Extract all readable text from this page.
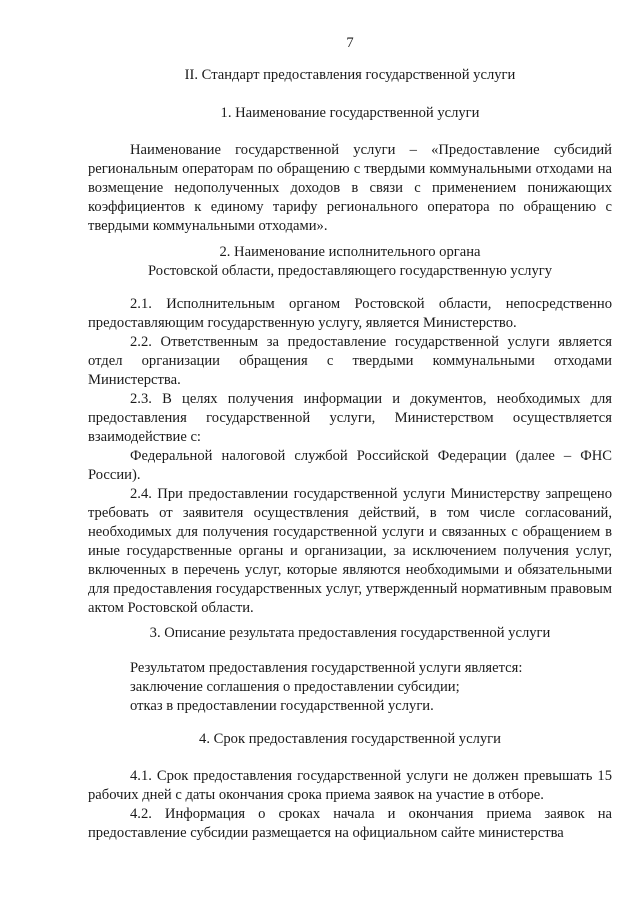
7
II. Стандарт предоставления государственной услуги
1. Наименование государственной услуги

Наименование государственной услуги – «Предоставление субсидий региональным операторам по обращению с твердыми коммунальными отходами на возмещение недополученных доходов в связи с применением понижающих коэффициентов к единому тарифу регионального оператора по обращению с твердыми коммунальными отходами».

2. Наименование исполнительного органа
Ростовской области, предоставляющего государственную услугу

2.1. Исполнительным органом Ростовской области, непосредственно предоставляющим государственную услугу, является Министерство.

2.2. Ответственным за предоставление государственной услуги является отдел организации обращения с твердыми коммунальными отходами Министерства.

2.3. В целях получения информации и документов, необходимых для предоставления государственной услуги, Министерством осуществляется взаимодействие с:

Федеральной налоговой службой Российской Федерации (далее – ФНС России).

2.4. При предоставлении государственной услуги Министерству запрещено требовать от заявителя осуществления действий, в том числе согласований, необходимых для получения государственной услуги и связанных с обращением в иные государственные органы и организации, за исключением получения услуг, включенных в перечень услуг, которые являются необходимыми и обязательными для предоставления государственных услуг, утвержденный нормативным правовым актом Ростовской области.

3. Описание результата предоставления государственной услуги

Результатом предоставления государственной услуги является:

заключение соглашения о предоставлении субсидии;

отказ в предоставлении государственной услуги.

4. Срок предоставления государственной услуги

4.1. Срок предоставления государственной услуги не должен превышать 15 рабочих дней с даты окончания срока приема заявок на участие в отборе.

4.2. Информация о сроках начала и окончания приема заявок на предоставление субсидии размещается на официальном сайте министерства
